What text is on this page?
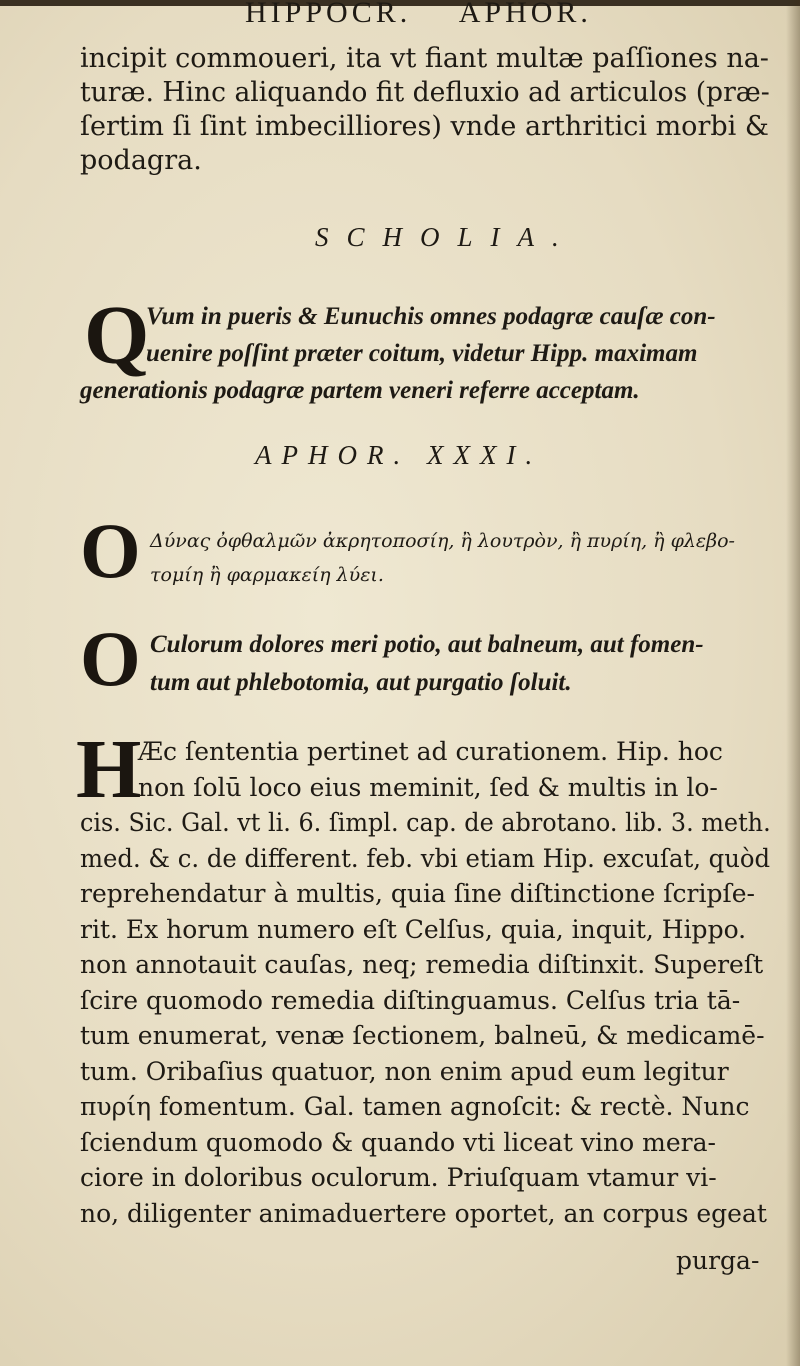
HIPPOCR. APHOR.
incipit commoueri, ita vt fiant multæ paſſiones na-
turæ. Hinc aliquando fit defluxio ad articulos (præ-
ſertim ſi ſint imbecilliores) vnde arthritici morbi &
podagra.
SCHOLIA.
Q
Vum in pueris & Eunuchis omnes podagræ cauſæ con-
uenire poſſint præter coitum, videtur Hipp. maximam
generationis podagræ partem veneri referre acceptam.
APHOR. XXXI.
O Δύνας ὀφθαλμῶν ἀκρητοποσίη, ἢ λουτρὸν, ἢ πυρίη, ἢ φλεβο-
τομίη ἢ φαρμακείη λύει.
O Culorum dolores meri potio, aut balneum, aut fomen-
tum aut phlebotomia, aut purgatio ſoluit.
H
Æc ſententia pertinet ad curationem. Hip. hoc
non ſolū loco eius meminit, ſed & multis in lo-
cis. Sic. Gal. vt li. 6. ſimpl. cap. de abrotano. lib. 3. meth.
med. & c. de different. feb. vbi etiam Hip. excuſat, quòd
reprehendatur à multis, quia ſine diſtinctione ſcripſe-
rit. Ex horum numero eſt Celſus, quia, inquit, Hippo.
non annotauit cauſas, neq; remedia diſtinxit. Supereſt
ſcire quomodo remedia diſtinguamus. Celſus tria tā-
tum enumerat, venæ ſectionem, balneū, & medicamē-
tum. Oribaſius quatuor, non enim apud eum legitur
πυρίη fomentum. Gal. tamen agnoſcit: & rectè. Nunc
ſciendum quomodo & quando vti liceat vino mera-
ciore in doloribus oculorum. Priuſquam vtamur vi-
no, diligenter animaduertere oportet, an corpus egeat
purga-
